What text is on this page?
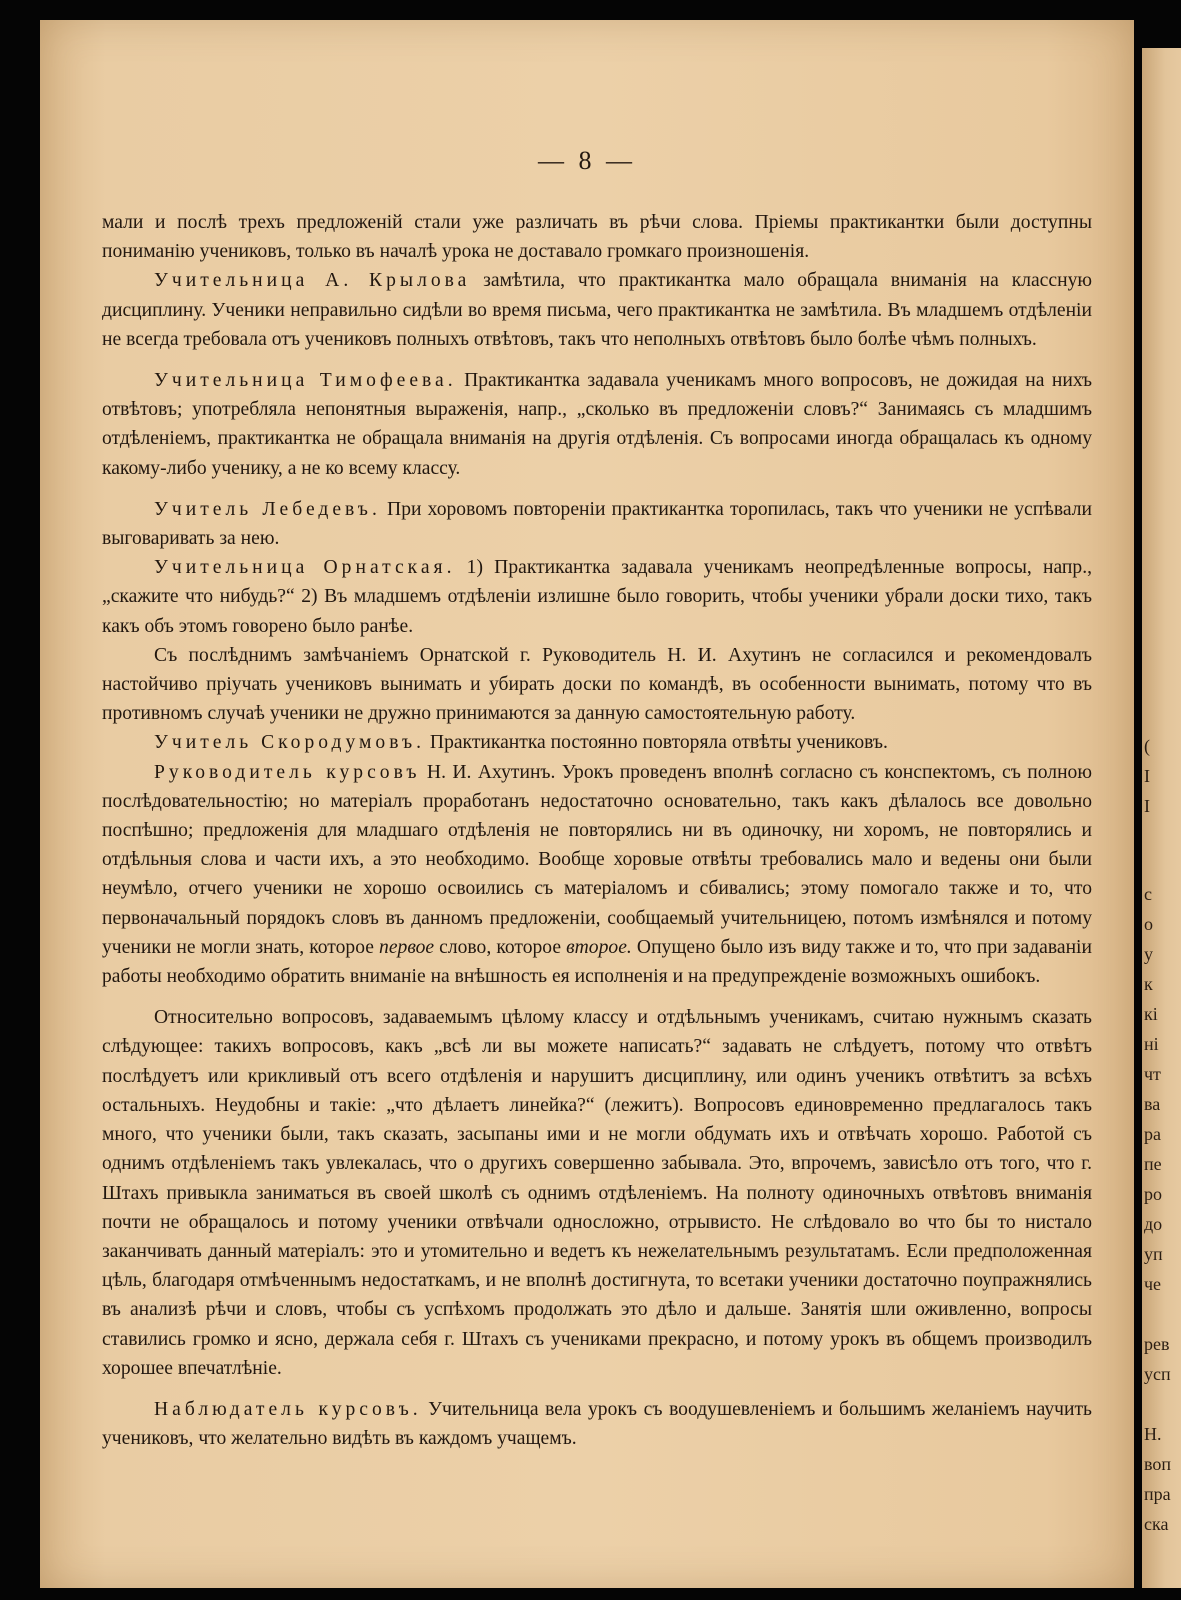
— 8 —

мали и послѣ трехъ предложеній стали уже различать въ рѣчи слова. Пріемы практикантки были доступны пониманію учениковъ, только въ началѣ урока не доставало громкаго произношенія.

Учительница А. Крылова замѣтила, что практикантка мало обращала вниманія на классную дисциплину. Ученики неправильно сидѣли во время письма, чего практикантка не замѣтила. Въ младшемъ отдѣленіи не всегда требовала отъ учениковъ полныхъ отвѣтовъ, такъ что неполныхъ отвѣтовъ было болѣе чѣмъ полныхъ.

Учительница Тимофеева. Практикантка задавала ученикамъ много вопросовъ, не дожидая на нихъ отвѣтовъ; употребляла непонятныя выраженія, напр., „сколько въ предложеніи словъ?“ Занимаясь съ младшимъ отдѣленіемъ, практикантка не обращала вниманія на другія отдѣленія. Съ вопросами иногда обращалась къ одному какому-либо ученику, а не ко всему классу.

Учитель Лебедевъ. При хоровомъ повтореніи практикантка торопилась, такъ что ученики не успѣвали выговаривать за нею.

Учительница Орнатская. 1) Практикантка задавала ученикамъ неопредѣленные вопросы, напр., „скажите что нибудь?“ 2) Въ младшемъ отдѣленіи излишне было говорить, чтобы ученики убрали доски тихо, такъ какъ объ этомъ говорено было ранѣе.

Съ послѣднимъ замѣчаніемъ Орнатской г. Руководитель Н. И. Ахутинъ не согласился и рекомендовалъ настойчиво пріучать учениковъ вынимать и убирать доски по командѣ, въ особенности вынимать, потому что въ противномъ случаѣ ученики не дружно принимаются за данную самостоятельную работу.

Учитель Скородумовъ. Практикантка постоянно повторяла отвѣты учениковъ.

Руководитель курсовъ Н. И. Ахутинъ. Урокъ проведенъ вполнѣ согласно съ конспектомъ, съ полною послѣдовательностію; но матеріалъ проработанъ недостаточно основательно, такъ какъ дѣлалось все довольно поспѣшно; предложенія для младшаго отдѣленія не повторялись ни въ одиночку, ни хоромъ, не повторялись и отдѣльныя слова и части ихъ, а это необходимо. Вообще хоровые отвѣты требовались мало и ведены они были неумѣло, отчего ученики не хорошо освоились съ матеріаломъ и сбивались; этому помогало также и то, что первоначальный порядокъ словъ въ данномъ предложеніи, сообщаемый учительницею, потомъ измѣнялся и потому ученики не могли знать, которое первое слово, которое второе. Опущено было изъ виду также и то, что при задаваніи работы необходимо обратить вниманіе на внѣшность ея исполненія и на предупрежденіе возможныхъ ошибокъ.

Относительно вопросовъ, задаваемымъ цѣлому классу и отдѣльнымъ ученикамъ, считаю нужнымъ сказать слѣдующее: такихъ вопросовъ, какъ „всѣ ли вы можете написать?“ задавать не слѣдуетъ, потому что отвѣтъ послѣдуетъ или крикливый отъ всего отдѣленія и нарушитъ дисциплину, или одинъ ученикъ отвѣтитъ за всѣхъ остальныхъ. Неудобны и такіе: „что дѣлаетъ линейка?“ (лежитъ). Вопросовъ единовременно предлагалось такъ много, что ученики были, такъ сказать, засыпаны ими и не могли обдумать ихъ и отвѣчать хорошо. Работой съ однимъ отдѣленіемъ такъ увлекалась, что о другихъ совершенно забывала. Это, впрочемъ, зависѣло отъ того, что г. Штахъ привыкла заниматься въ своей школѣ съ однимъ отдѣленіемъ. На полноту одиночныхъ отвѣтовъ вниманія почти не обращалось и потому ученики отвѣчали односложно, отрывисто. Не слѣдовало во что бы то нистало заканчивать данный матеріалъ: это и утомительно и ведетъ къ нежелательнымъ результатамъ. Если предположенная цѣль, благодаря отмѣченнымъ недостаткамъ, и не вполнѣ достигнута, то всетаки ученики достаточно поупражнялись въ анализѣ рѣчи и словъ, чтобы съ успѣхомъ продолжать это дѣло и дальше. Занятія шли оживленно, вопросы ставились громко и ясно, держала себя г. Штахъ съ учениками прекрасно, и потому урокъ въ общемъ производилъ хорошее впечатлѣніе.

Наблюдатель курсовъ. Учительница вела урокъ съ воодушевленіемъ и большимъ желаніемъ научить учениковъ, что желательно видѣть въ каждомъ учащемъ.

(
І
І
с
о
у
к
кі
ні
чт
ва
ра
пе
ро
до
уп
че
рев
усп
Н.
воп
пра
ска
